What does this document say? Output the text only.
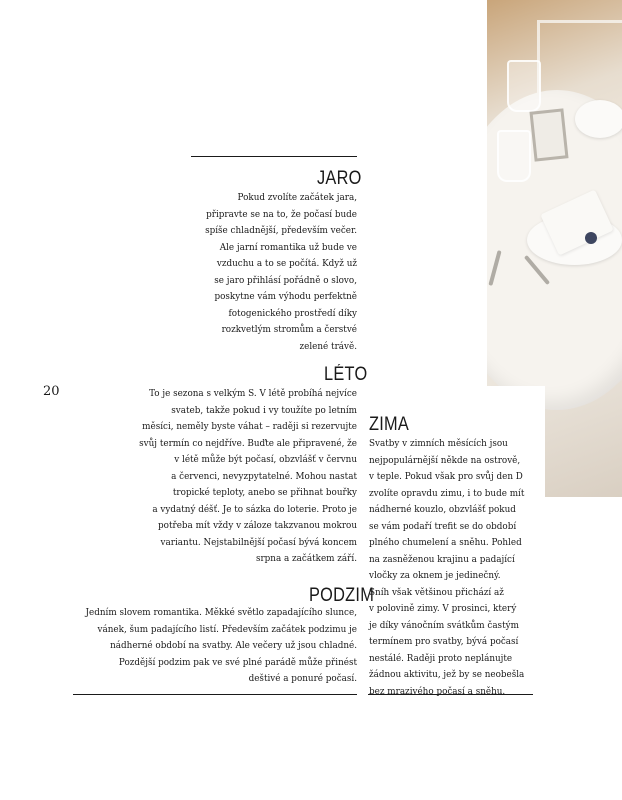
JARO
Pokud zvolíte začátek jara,
připravte se na to, že počasí bude
spíše chladnější, především večer.
Ale jarní romantika už bude ve
vzduchu a to se počítá. Když už
se jaro přihlásí pořádně o slovo,
poskytne vám výhodu perfektně
fotogenického prostředí díky
rozkvetlým stromům a čerstvé
zelené trávě.
20
LÉTO
To je sezona s velkým S. V létě probíhá nejvíce
svateb, takže pokud i vy toužíte po letním
měsíci, neměly byste váhat – raději si rezervujte
svůj termín co nejdříve. Buďte ale připravené, že
v létě může být počasí, obzvlášť v červnu
a červenci, nevyzpytatelné. Mohou nastat
tropické teploty, anebo se přihnat bouřky
a vydatný déšť. Je to sázka do loterie. Proto je
potřeba mít vždy v záloze takzvanou mokrou
variantu. Nejstabilnější počasí bývá koncem
srpna a začátkem září.
PODZIM
Jedním slovem romantika. Měkké světlo zapadajícího slunce,
vánek, šum padajícího listí. Především začátek podzimu je
nádherné období na svatby. Ale večery už jsou chladné.
Pozdější podzim pak ve své plné parádě může přinést
deštivé a ponuré počasí.
ZIMA
Svatby v zimních měsících jsou
nejpopulárnější někde na ostrově,
v teple. Pokud však pro svůj den D
zvolíte opravdu zimu, i to bude mít
nádherné kouzlo, obzvlášť pokud
se vám podaří trefit se do období
plného chumelení a sněhu. Pohled
na zasněženou krajinu a padající
vločky za oknem je jedinečný.
Sníh však většinou přichází až
v polovině zimy. V prosinci, který
je díky vánočním svátkům častým
termínem pro svatby, bývá počasí
nestálé. Raději proto neplánujte
žádnou aktivitu, jež by se neobešla
bez mrazivého počasí a sněhu.
